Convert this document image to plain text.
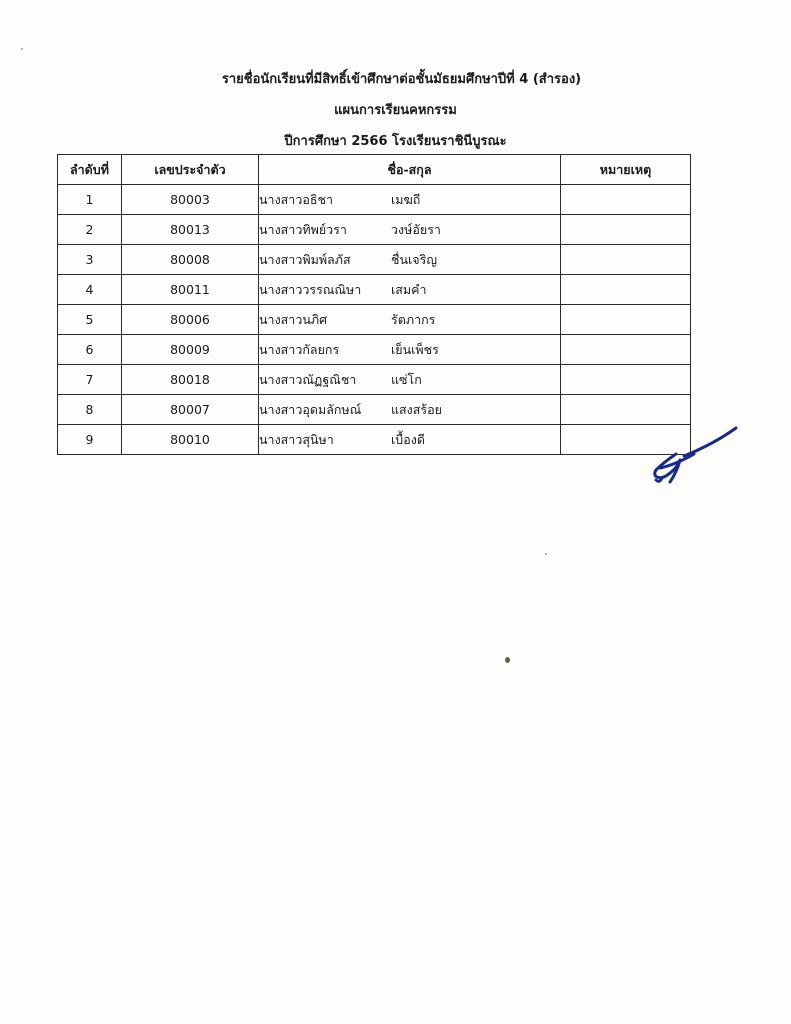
รายชื่อนักเรียนที่มีสิทธิ์เข้าศึกษาต่อชั้นมัธยมศึกษาปีที่ 4 (สำรอง)
แผนการเรียนคหกรรม
ปีการศึกษา 2566 โรงเรียนราชินีบูรณะ
ลำดับที่	เลขประจำตัว	ชื่อ-สกุล	หมายเหตุ
1	80003	นางสาวอธิชา เมฆถี	
2	80013	นางสาวทิพย์วรา วงษ์อัยรา	
3	80008	นางสาวพิมพ์ลภัส ชื่นเจริญ	
4	80011	นางสาววรรณณิษา เสมคำ	
5	80006	นางสาวนภิศ รัตภากร	
6	80009	นางสาวกัลยกร เย็นเพ็ชร	
7	80018	นางสาวณัฏฐณิชา แซ่โก	
8	80007	นางสาวอุดมลักษณ์ แสงสร้อย	
9	80010	นางสาวสุนิษา เบื้องดี	
